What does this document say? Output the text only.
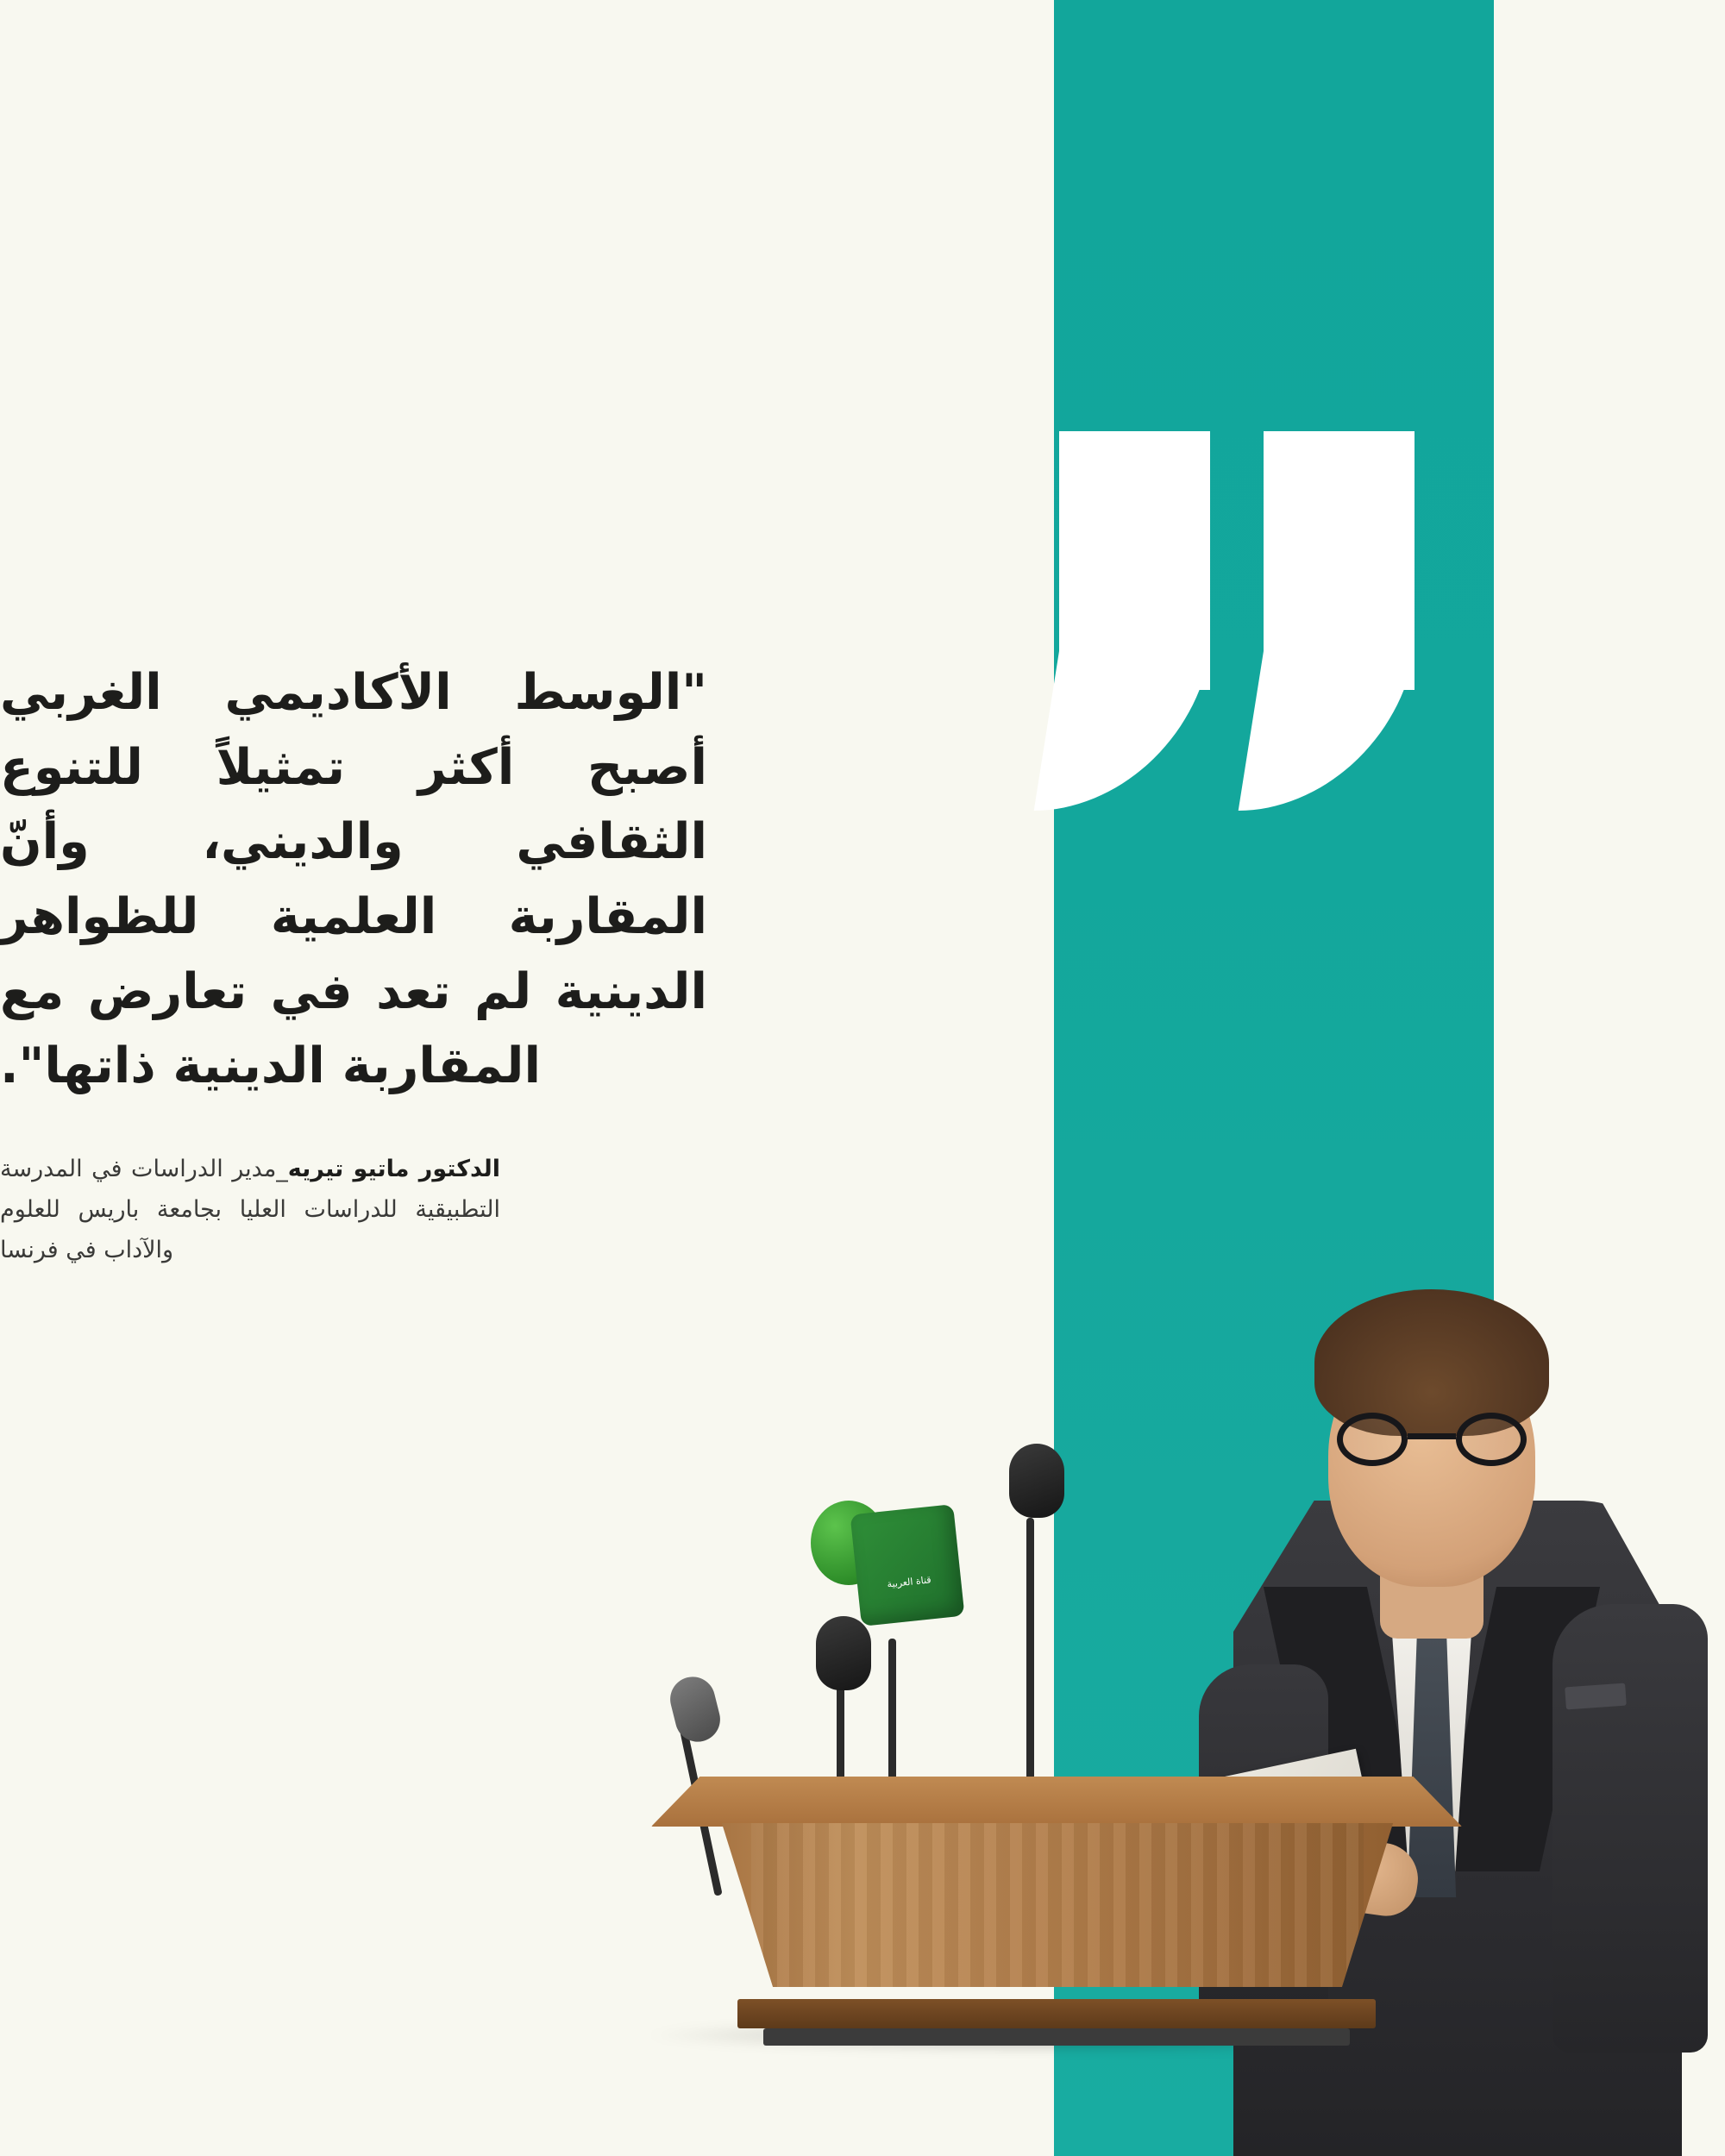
"الوسط الأكاديمي الغربي أصبح أكثر تمثيلاً للتنوع الثقافي والديني، وأنّ المقاربة العلمية للظواهر الدينية لم تعد في تعارض مع المقاربة الدينية ذاتها".

الدكتور ماتيو تيريه_مدير الدراسات في المدرسة التطبيقية للدراسات العليا بجامعة باريس للعلوم والآداب في فرنسا
قناة العربية
